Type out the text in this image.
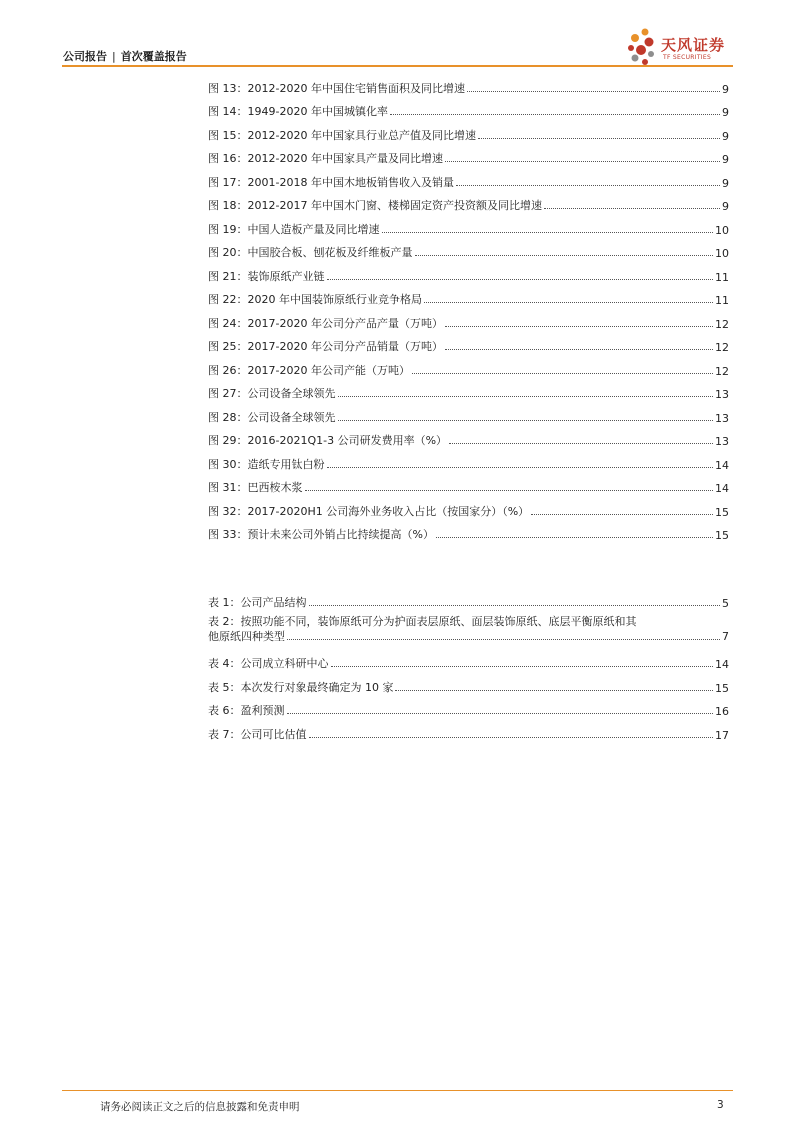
公司报告 | 首次覆盖报告
天风证券
TF SECURITIES
图 13：2012-2020 年中国住宅销售面积及同比增速	9
图 14：1949-2020 年中国城镇化率	9
图 15：2012-2020 年中国家具行业总产值及同比增速	9
图 16：2012-2020 年中国家具产量及同比增速	9
图 17：2001-2018 年中国木地板销售收入及销量	9
图 18：2012-2017 年中国木门窗、楼梯固定资产投资额及同比增速	9
图 19：中国人造板产量及同比增速	10
图 20：中国胶合板、刨花板及纤维板产量	10
图 21：装饰原纸产业链	11
图 22：2020 年中国装饰原纸行业竞争格局	11
图 24：2017-2020 年公司分产品产量（万吨）	12
图 25：2017-2020 年公司分产品销量（万吨）	12
图 26：2017-2020 年公司产能（万吨）	12
图 27：公司设备全球领先	13
图 28：公司设备全球领先	13
图 29：2016-2021Q1-3 公司研发费用率（%）	13
图 30：造纸专用钛白粉	14
图 31：巴西桉木浆	14
图 32：2017-2020H1 公司海外业务收入占比（按国家分）（%）	15
图 33：预计未来公司外销占比持续提高（%）	15
表 1：公司产品结构	5
表 2：按照功能不同，装饰原纸可分为护面表层原纸、面层装饰原纸、底层平衡原纸和其
他原纸四种类型	7
表 4：公司成立科研中心	14
表 5：本次发行对象最终确定为 10 家	15
表 6：盈利预测	16
表 7：公司可比估值	17
请务必阅读正文之后的信息披露和免责申明	3
